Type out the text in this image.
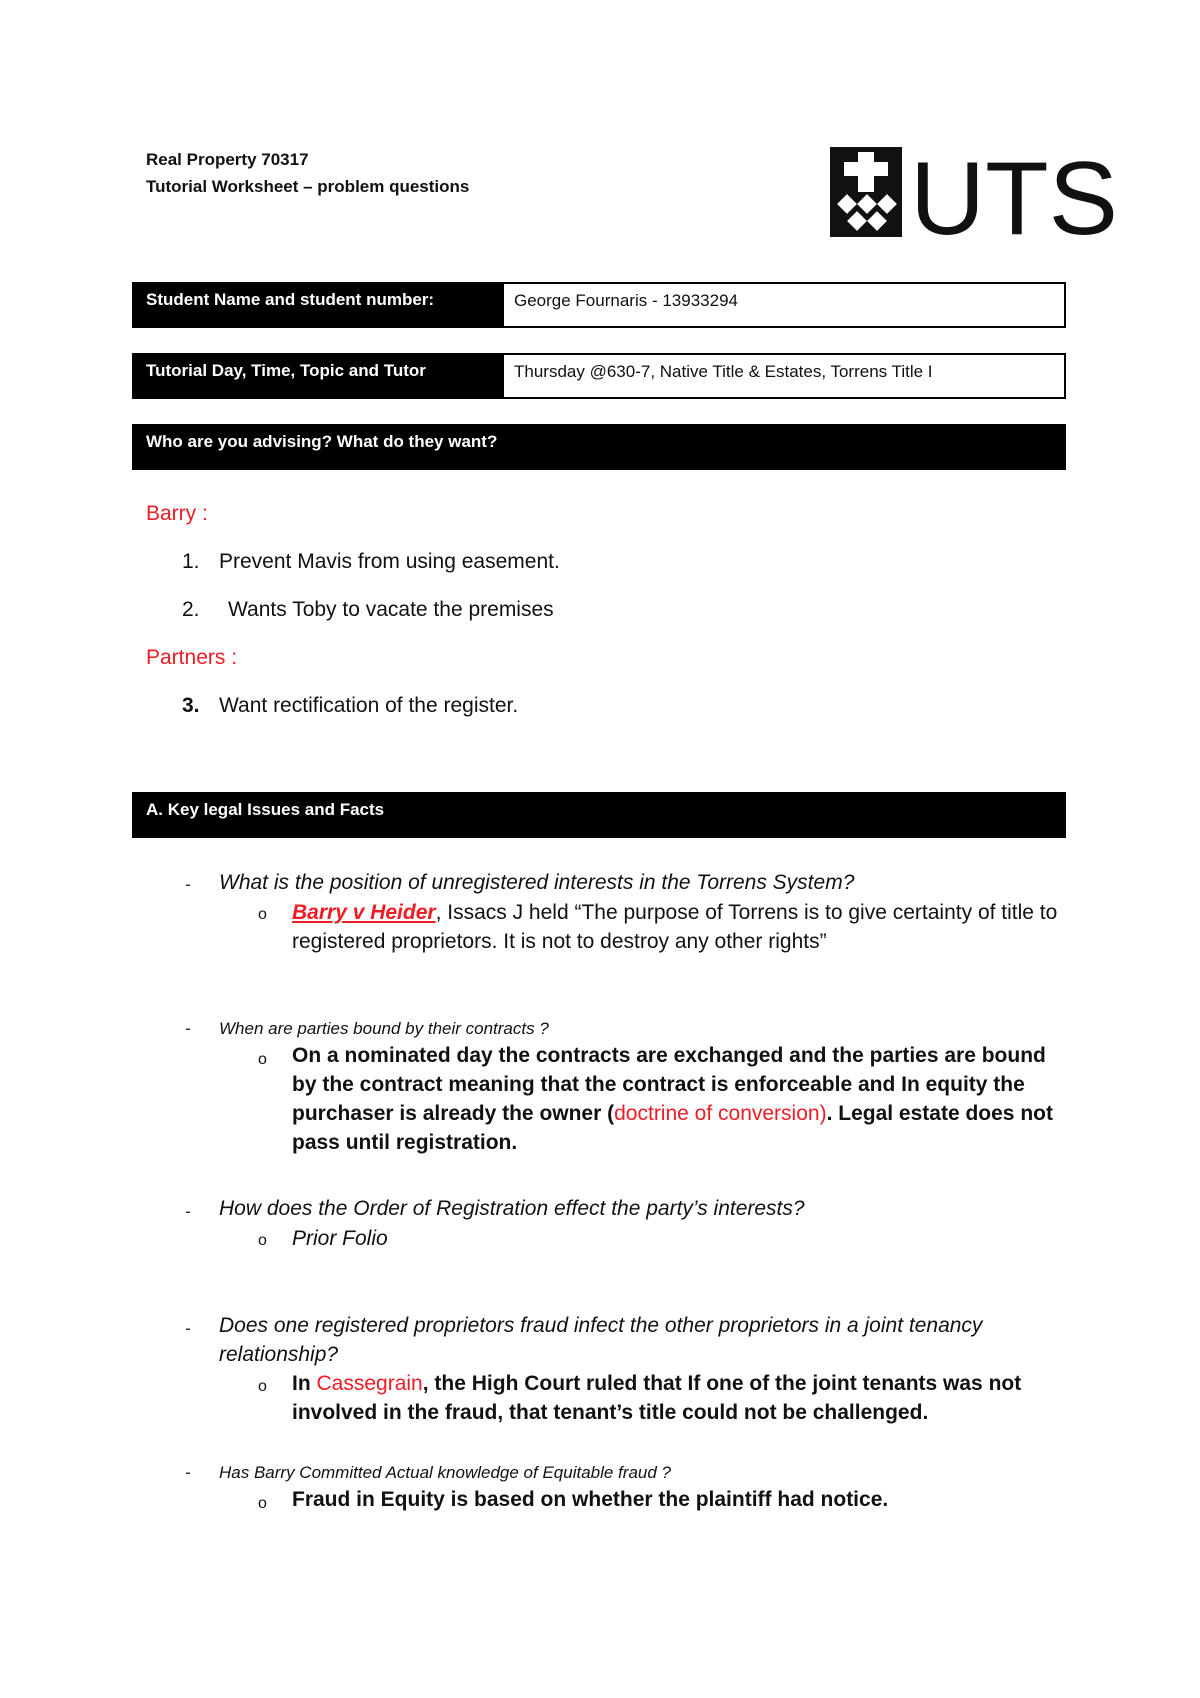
Real Property 70317
Tutorial Worksheet – problem questions	UTS
Student Name and student number:	George Fournaris - 13933294
Tutorial Day, Time, Topic and Tutor	Thursday @630-7, Native Title & Estates, Torrens Title I
Who are you advising? What do they want?
Barry :
1. Prevent Mavis from using easement.
2. Wants Toby to vacate the premises
Partners :
3. Want rectification of the register.
A. Key legal Issues and Facts
- What is the position of unregistered interests in the Torrens System?
o Barry v Heider, Issacs J held “The purpose of Torrens is to give certainty of title to registered proprietors. It is not to destroy any other rights”
- When are parties bound by their contracts ?
o On a nominated day the contracts are exchanged and the parties are bound by the contract meaning that the contract is enforceable and In equity the purchaser is already the owner (doctrine of conversion). Legal estate does not pass until registration.
- How does the Order of Registration effect the party’s interests?
o Prior Folio
- Does one registered proprietors fraud infect the other proprietors in a joint tenancy relationship?
o In Cassegrain, the High Court ruled that If one of the joint tenants was not involved in the fraud, that tenant’s title could not be challenged.
- Has Barry Committed Actual knowledge of Equitable fraud ?
o Fraud in Equity is based on whether the plaintiff had notice.
